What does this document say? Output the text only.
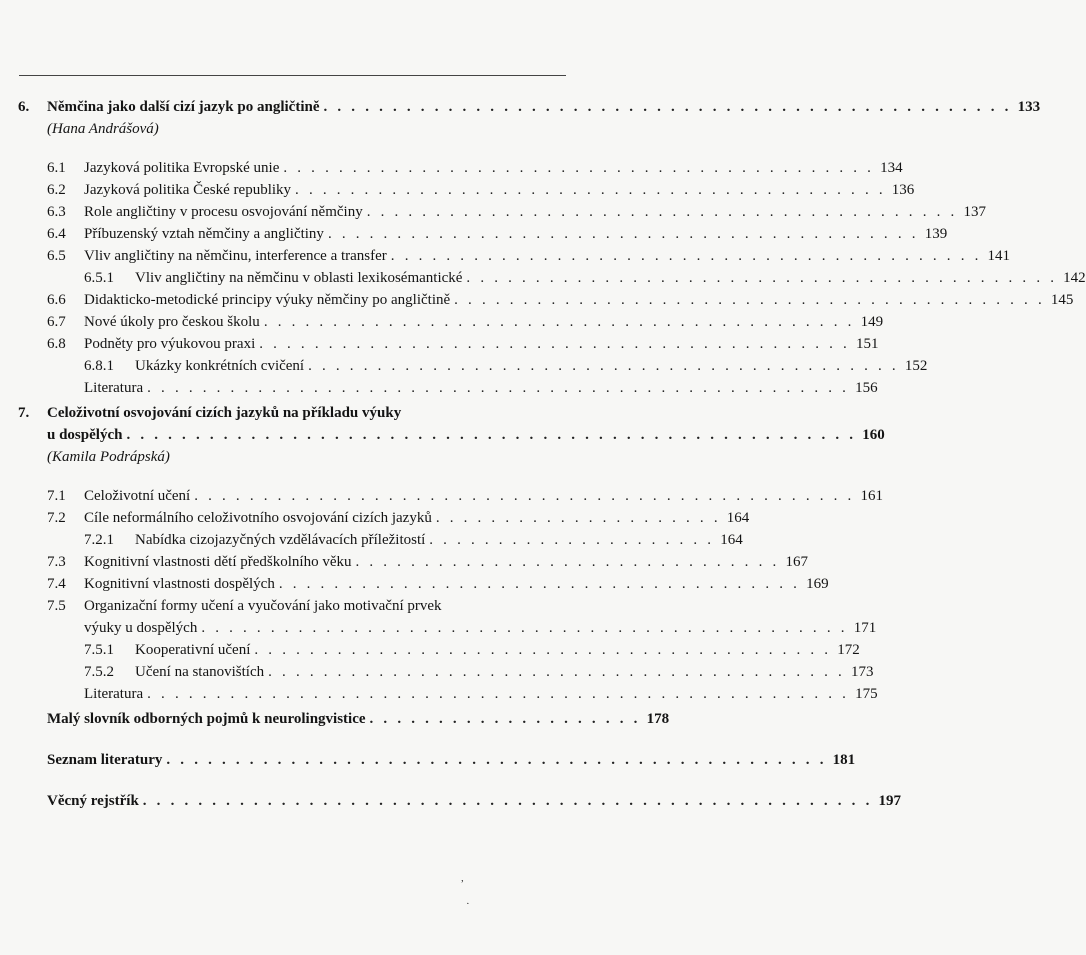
6. Němčina jako další cizí jazyk po angličtině . . . . . . . . . . . . . . . . . . . . . . . . . . . . . . . . . . . . . . . . . . . . . . . . . . 133
(Hana Andrášová)
6.1 Jazyková politika Evropské unie . . . . . . . . . . . . . . . . . . . . . . . . . . . . . . . . . . . . . . . . . . . 134
6.2 Jazyková politika České republiky . . . . . . . . . . . . . . . . . . . . . . . . . . . . . . . . . . . . . . . . . . . 136
6.3 Role angličtiny v procesu osvojování němčiny . . . . . . . . . . . . . . . . . . . . . . . . . . . . . . . . . . . . . . . . . . . 137
6.4 Příbuzenský vztah němčiny a angličtiny . . . . . . . . . . . . . . . . . . . . . . . . . . . . . . . . . . . . . . . . . . . 139
6.5 Vliv angličtiny na němčinu, interference a transfer . . . . . . . . . . . . . . . . . . . . . . . . . . . . . . . . . . . . . . . . . . . 141
6.5.1 Vliv angličtiny na němčinu v oblasti lexikosémantické . . . . . . . . . . . . . . . . . . . . . . . . . . . . . . . . . . . . . . . . . . . 142
6.6 Didakticko-metodické principy výuky němčiny po angličtině . . . . . . . . . . . . . . . . . . . . . . . . . . . . . . . . . . . . . . . . . . . 145
6.7 Nové úkoly pro českou školu . . . . . . . . . . . . . . . . . . . . . . . . . . . . . . . . . . . . . . . . . . . 149
6.8 Podněty pro výukovou praxi . . . . . . . . . . . . . . . . . . . . . . . . . . . . . . . . . . . . . . . . . . . 151
6.8.1 Ukázky konkrétních cvičení . . . . . . . . . . . . . . . . . . . . . . . . . . . . . . . . . . . . . . . . . . . 152
Literatura . . . . . . . . . . . . . . . . . . . . . . . . . . . . . . . . . . . . . . . . . . . . . . . . . . . 156
7. Celoživotní osvojování cizích jazyků na příkladu výuky
u dospělých . . . . . . . . . . . . . . . . . . . . . . . . . . . . . . . . . . . . . . . . . . . . . . . . . . . . . 160
(Kamila Podrápská)
7.1 Celoživotní učení . . . . . . . . . . . . . . . . . . . . . . . . . . . . . . . . . . . . . . . . . . . . . . . . 161
7.2 Cíle neformálního celoživotního osvojování cizích jazyků . . . . . . . . . . . . . . . . . . . . . 164
7.2.1 Nabídka cizojazyčných vzdělávacích příležitostí . . . . . . . . . . . . . . . . . . . . . 164
7.3 Kognitivní vlastnosti dětí předškolního věku . . . . . . . . . . . . . . . . . . . . . . . . . . . . . . . 167
7.4 Kognitivní vlastnosti dospělých . . . . . . . . . . . . . . . . . . . . . . . . . . . . . . . . . . . . . . 169
7.5 Organizační formy učení a vyučování jako motivační prvek
výuky u dospělých . . . . . . . . . . . . . . . . . . . . . . . . . . . . . . . . . . . . . . . . . . . . . . . 171
7.5.1 Kooperativní učení . . . . . . . . . . . . . . . . . . . . . . . . . . . . . . . . . . . . . . . . . . 172
7.5.2 Učení na stanovištích . . . . . . . . . . . . . . . . . . . . . . . . . . . . . . . . . . . . . . . . . . 173
Literatura . . . . . . . . . . . . . . . . . . . . . . . . . . . . . . . . . . . . . . . . . . . . . . . . . . . 175
Malý slovník odborných pojmů k neurolingvistice . . . . . . . . . . . . . . . . . . . . 178
Seznam literatury . . . . . . . . . . . . . . . . . . . . . . . . . . . . . . . . . . . . . . . . . . . . . . . . 181
Věcný rejstřík . . . . . . . . . . . . . . . . . . . . . . . . . . . . . . . . . . . . . . . . . . . . . . . . . . . . . 197
,
·
